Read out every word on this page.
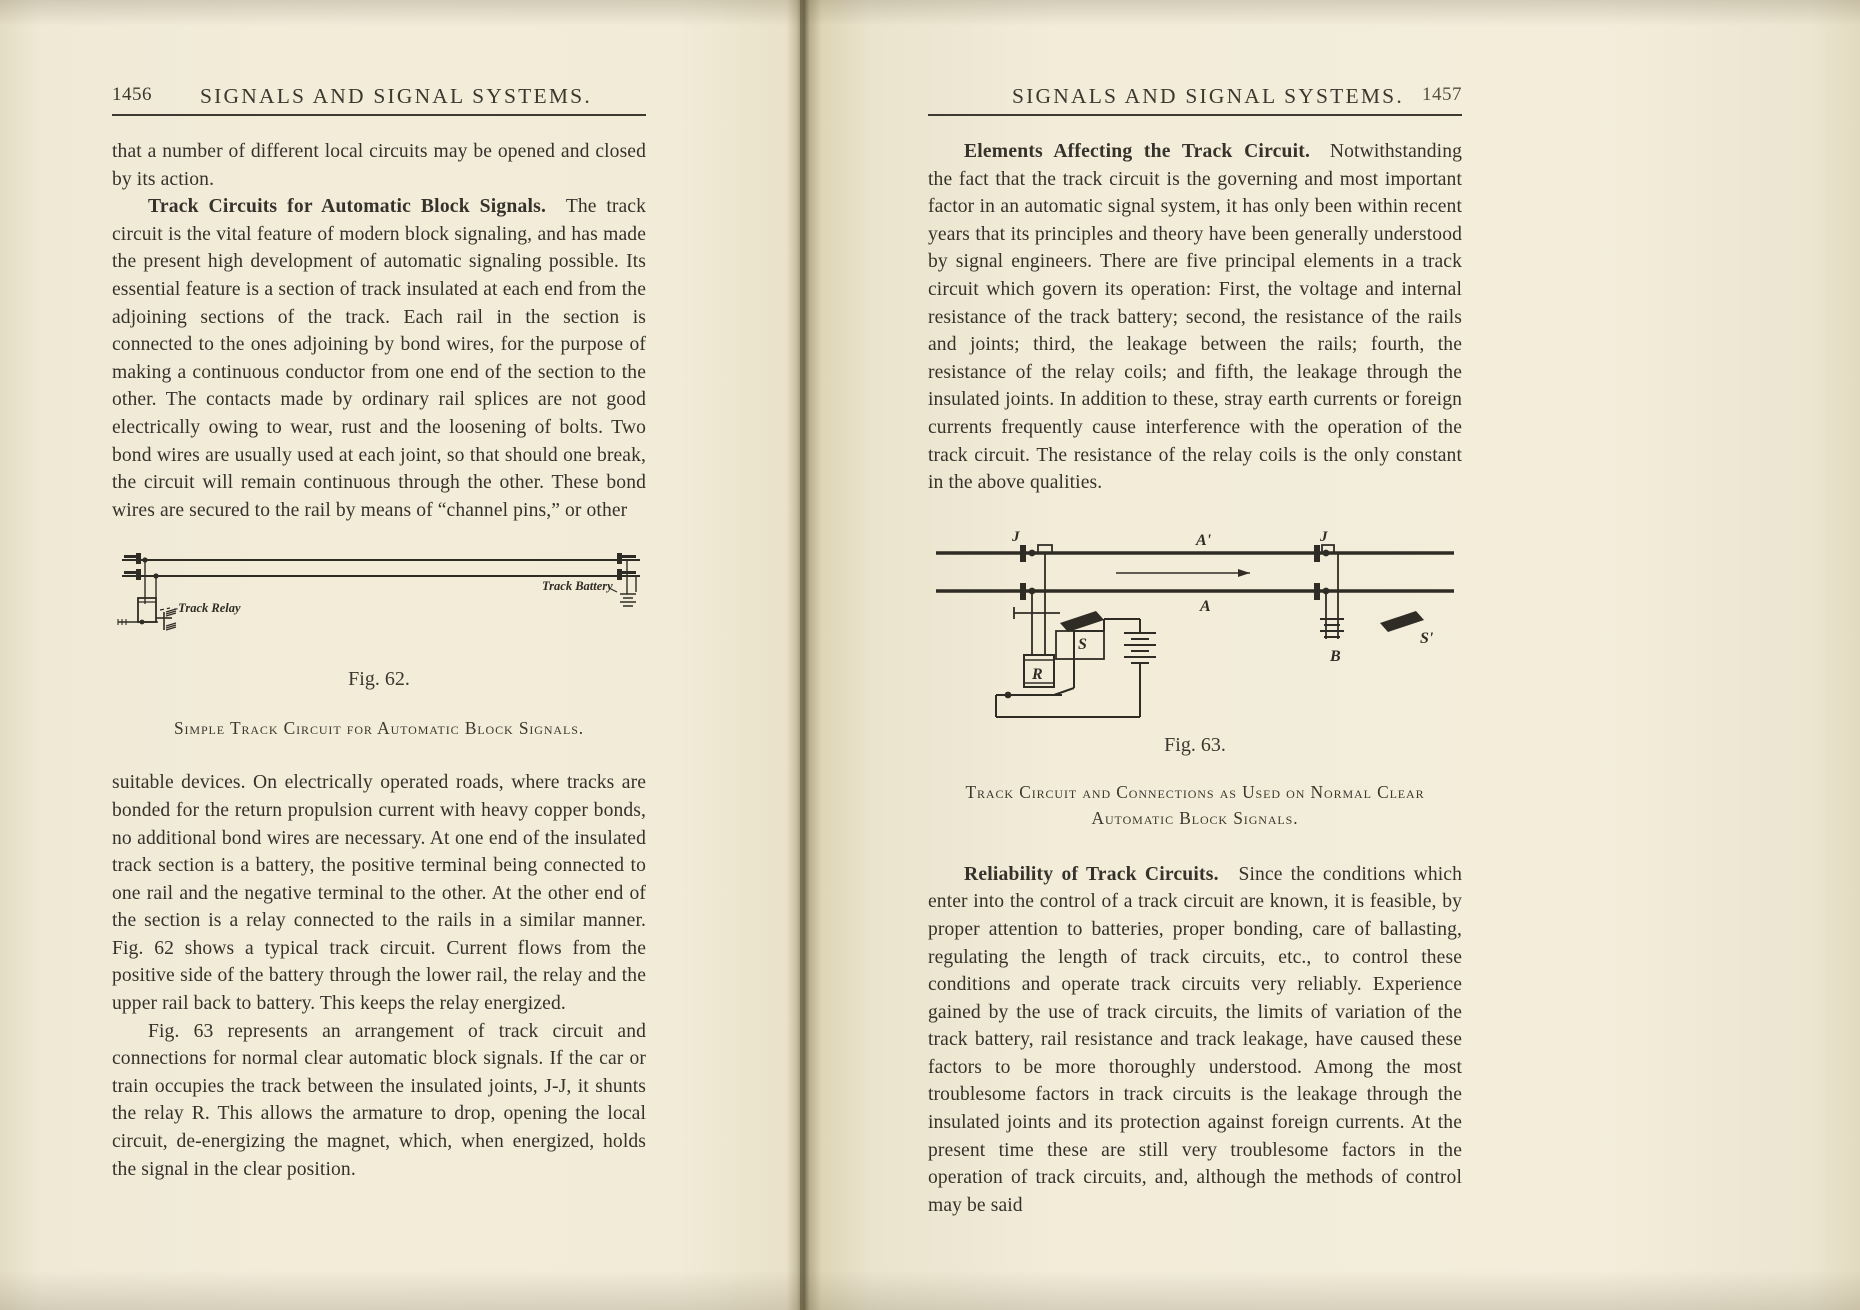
1456 SIGNALS AND SIGNAL SYSTEMS.

that a number of different local circuits may be opened and closed by its action.

Track Circuits for Automatic Block Signals. The track circuit is the vital feature of modern block signaling, and has made the present high development of automatic signaling possible. Its essential feature is a section of track insulated at each end from the adjoining sections of the track. Each rail in the section is connected to the ones adjoining by bond wires, for the purpose of making a continuous conductor from one end of the section to the other. The contacts made by ordinary rail splices are not good electrically owing to wear, rust and the loosening of bolts. Two bond wires are usually used at each joint, so that should one break, the circuit will remain continuous through the other. These bond wires are secured to the rail by means of “channel pins,” or other

-Track Relay
Track Battery

Fig. 62.

Simple Track Circuit for Automatic Block Signals.

suitable devices. On electrically operated roads, where tracks are bonded for the return propulsion current with heavy copper bonds, no additional bond wires are necessary. At one end of the insulated track section is a battery, the positive terminal being connected to one rail and the negative terminal to the other. At the other end of the section is a relay connected to the rails in a similar manner. Fig. 62 shows a typical track circuit. Current flows from the positive side of the battery through the lower rail, the relay and the upper rail back to battery. This keeps the relay energized.

Fig. 63 represents an arrangement of track circuit and connections for normal clear automatic block signals. If the car or train occupies the track between the insulated joints, J-J, it shunts the relay R. This allows the armature to drop, opening the local circuit, de-energizing the magnet, which, when energized, holds the signal in the clear position.

SIGNALS AND SIGNAL SYSTEMS. 1457

Elements Affecting the Track Circuit. Notwithstanding the fact that the track circuit is the governing and most important factor in an automatic signal system, it has only been within recent years that its principles and theory have been generally understood by signal engineers. There are five principal elements in a track circuit which govern its operation: First, the voltage and internal resistance of the track battery; second, the resistance of the rails and joints; third, the leakage between the rails; fourth, the resistance of the relay coils; and fifth, the leakage through the insulated joints. In addition to these, stray earth currents or foreign currents frequently cause interference with the operation of the track circuit. The resistance of the relay coils is the only constant in the above qualities.

J	J
A'
A
S
R
B
S'

Fig. 63.

Track Circuit and Connections as Used on Normal Clear
Automatic Block Signals.

Reliability of Track Circuits. Since the conditions which enter into the control of a track circuit are known, it is feasible, by proper attention to batteries, proper bonding, care of ballasting, regulating the length of track circuits, etc., to control these conditions and operate track circuits very reliably. Experience gained by the use of track circuits, the limits of variation of the track battery, rail resistance and track leakage, have caused these factors to be more thoroughly understood. Among the most troublesome factors in track circuits is the leakage through the insulated joints and its protection against foreign currents. At the present time these are still very troublesome factors in the operation of track circuits, and, although the methods of control may be said
